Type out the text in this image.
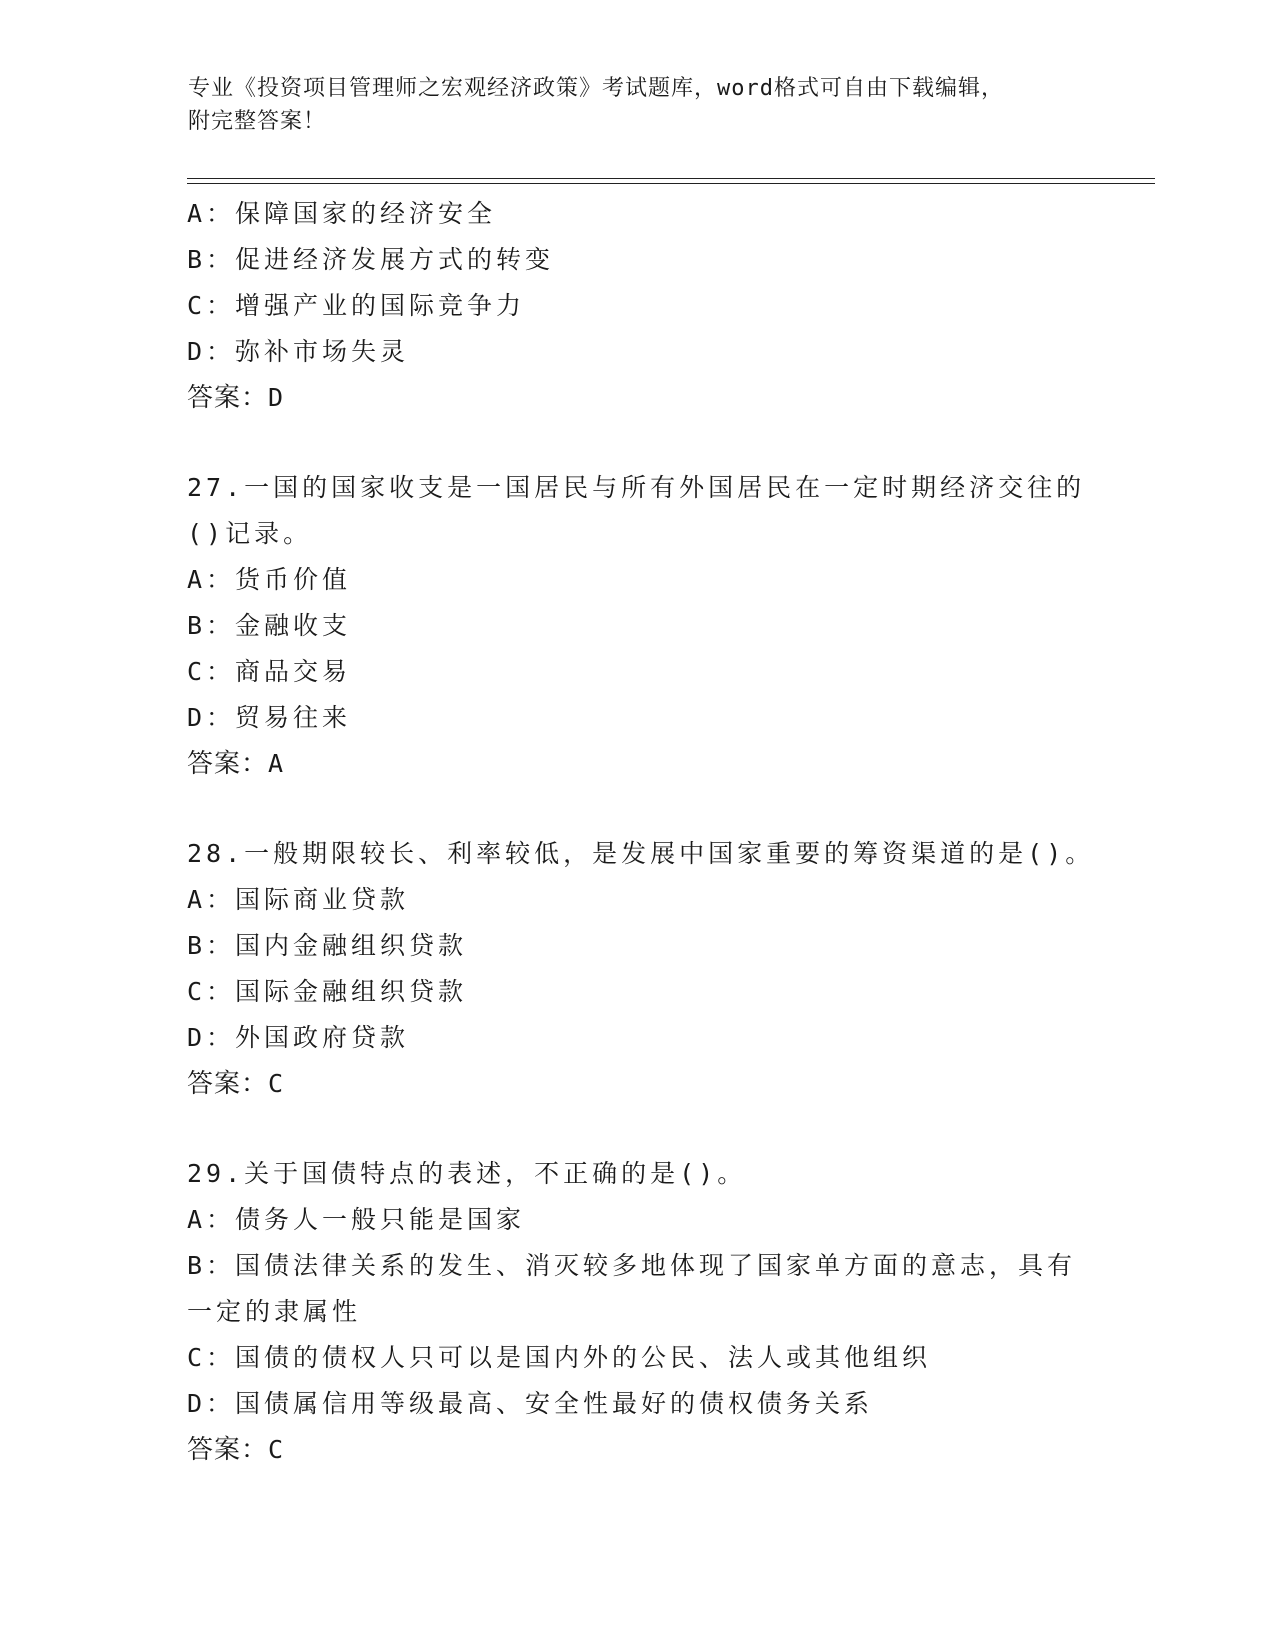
专业《投资项目管理师之宏观经济政策》考试题库，word格式可自由下载编辑，
附完整答案！
A：保障国家的经济安全
B：促进经济发展方式的转变
C：增强产业的国际竞争力
D：弥补市场失灵
答案：D
27.一国的国家收支是一国居民与所有外国居民在一定时期经济交往的
()记录。
A：货币价值
B：金融收支
C：商品交易
D：贸易往来
答案：A
28.一般期限较长、利率较低，是发展中国家重要的筹资渠道的是()。
A：国际商业贷款
B：国内金融组织贷款
C：国际金融组织贷款
D：外国政府贷款
答案：C
29.关于国债特点的表述，不正确的是()。
A：债务人一般只能是国家
B：国债法律关系的发生、消灭较多地体现了国家单方面的意志，具有
一定的隶属性
C：国债的债权人只可以是国内外的公民、法人或其他组织
D：国债属信用等级最高、安全性最好的债权债务关系
答案：C
